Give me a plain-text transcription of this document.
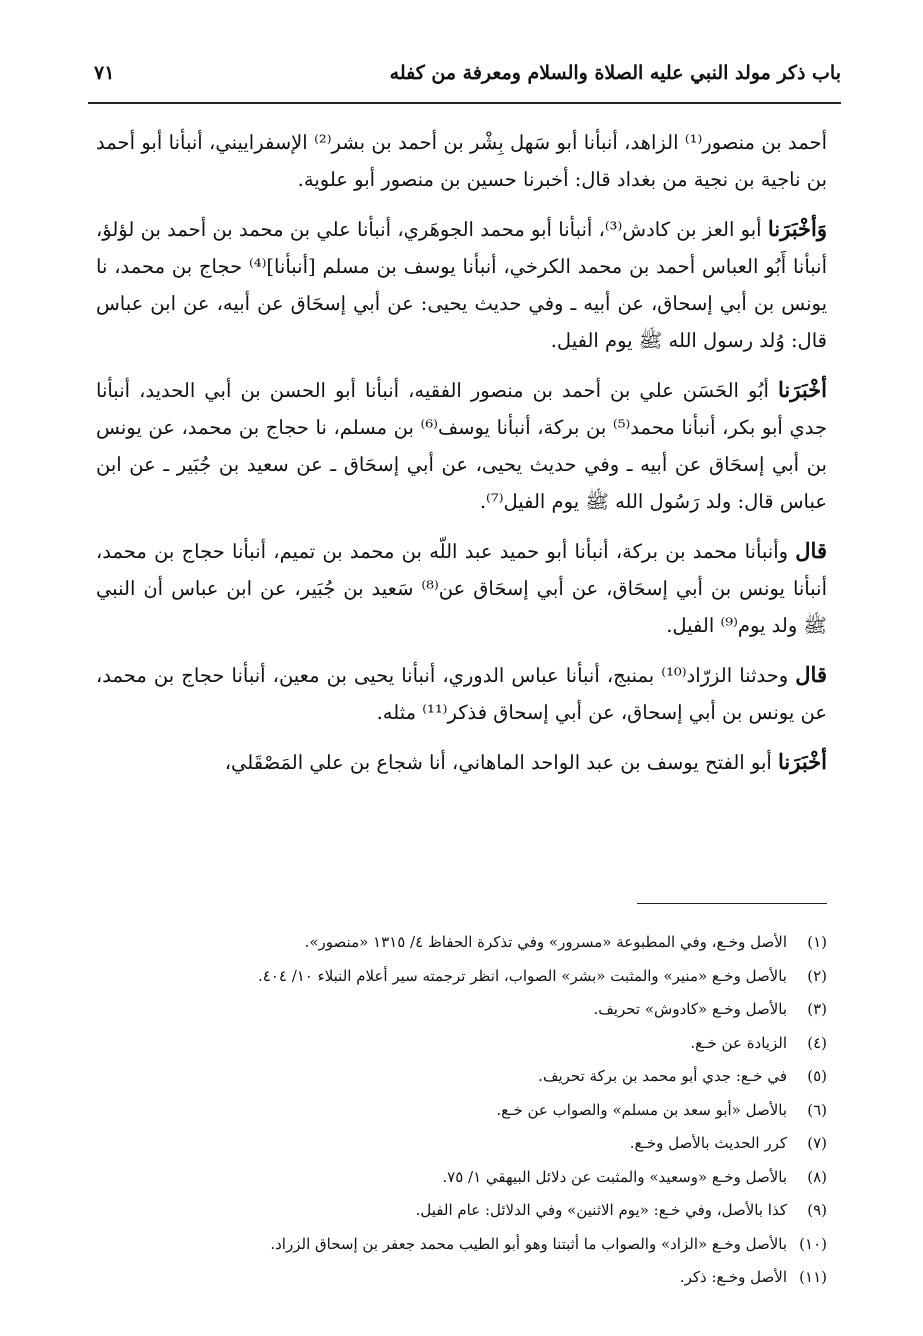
باب ذكر مولد النبي عليه الصلاة والسلام ومعرفة من كفله
٧١

أحمد بن منصور⁽¹⁾ الزاهد، أنبأنا أبو سَهل بِشْر بن أحمد بن بشر⁽²⁾ الإسفراييني، أنبأنا أبو أحمد بن ناجية بن نجية من بغداد قال: أخبرنا حسين بن منصور أبو علوية.

وَأخْبَرَنا أبو العز بن كادش⁽³⁾، أنبأنا أبو محمد الجوهَري، أنبأنا علي بن محمد بن أحمد بن لؤلؤ، أنبأنا أَبُو العباس أحمد بن محمد الكرخي، أنبأنا يوسف بن مسلم [أنبأنا]⁽⁴⁾ حجاج بن محمد، نا يونس بن أبي إسحاق، عن أبيه ـ وفي حديث يحيى: عن أبي إسحَاق عن أبيه، عن ابن عباس قال: وُلد رسول الله ﷺ يوم الفيل.

أخْبَرَنا أبُو الحَسَن علي بن أحمد بن منصور الفقيه، أنبأنا أبو الحسن بن أبي الحديد، أنبأنا جدي أبو بكر، أنبأنا محمد⁽⁵⁾ بن بركة، أنبأنا يوسف⁽⁶⁾ بن مسلم، نا حجاج بن محمد، عن يونس بن أبي إسحَاق عن أبيه ـ وفي حديث يحيى، عن أبي إسحَاق ـ عن سعيد بن جُبَير ـ عن ابن عباس قال: ولد رَسُول الله ﷺ يوم الفيل⁽⁷⁾.

قال وأنبأنا محمد بن بركة، أنبأنا أبو حميد عبد اللّه بن محمد بن تميم، أنبأنا حجاج بن محمد، أنبأنا يونس بن أبي إسحَاق، عن أبي إسحَاق عن⁽⁸⁾ سَعيد بن جُبَير، عن ابن عباس أن النبي ﷺ ولد يوم⁽⁹⁾ الفيل.

قال وحدثنا الزرّاد⁽¹⁰⁾ بمنبج، أنبأنا عباس الدوري، أنبأنا يحيى بن معين، أنبأنا حجاج بن محمد، عن يونس بن أبي إسحاق، عن أبي إسحاق فذكر⁽¹¹⁾ مثله.

أخْبَرَنا أبو الفتح يوسف بن عبد الواحد الماهاني، أنا شجاع بن علي المَصْقَلي،

(١)
الأصل وخـع، وفي المطبوعة «مسرور» وفي تذكرة الحفاظ ٤/ ١٣١٥ «منصور».
(٢)
بالأصل وخـع «منير» والمثبت «بشر» الصواب، انظر ترجمته سير أعلام النبلاء ١٠/ ٤٠٤.
(٣)
بالأصل وخـع «كادوش» تحريف.
(٤)
الزيادة عن خـع.
(٥)
في خـع: جدي أبو محمد بن بركة تحريف.
(٦)
بالأصل «أبو سعد بن مسلم» والصواب عن خـع.
(٧)
كرر الحديث بالأصل وخـع.
(٨)
بالأصل وخـع «وسعيد» والمثبت عن دلائل البيهقي ١/ ٧٥.
(٩)
كذا بالأصل، وفي خـع: «يوم الاثنين» وفي الدلائل: عام الفيل.
(١٠)
بالأصل وخـع «الزاد» والصواب ما أثبتنا وهو أبو الطيب محمد جعفر بن إسحاق الزراد.
(١١)
الأصل وخـع: ذكر.
